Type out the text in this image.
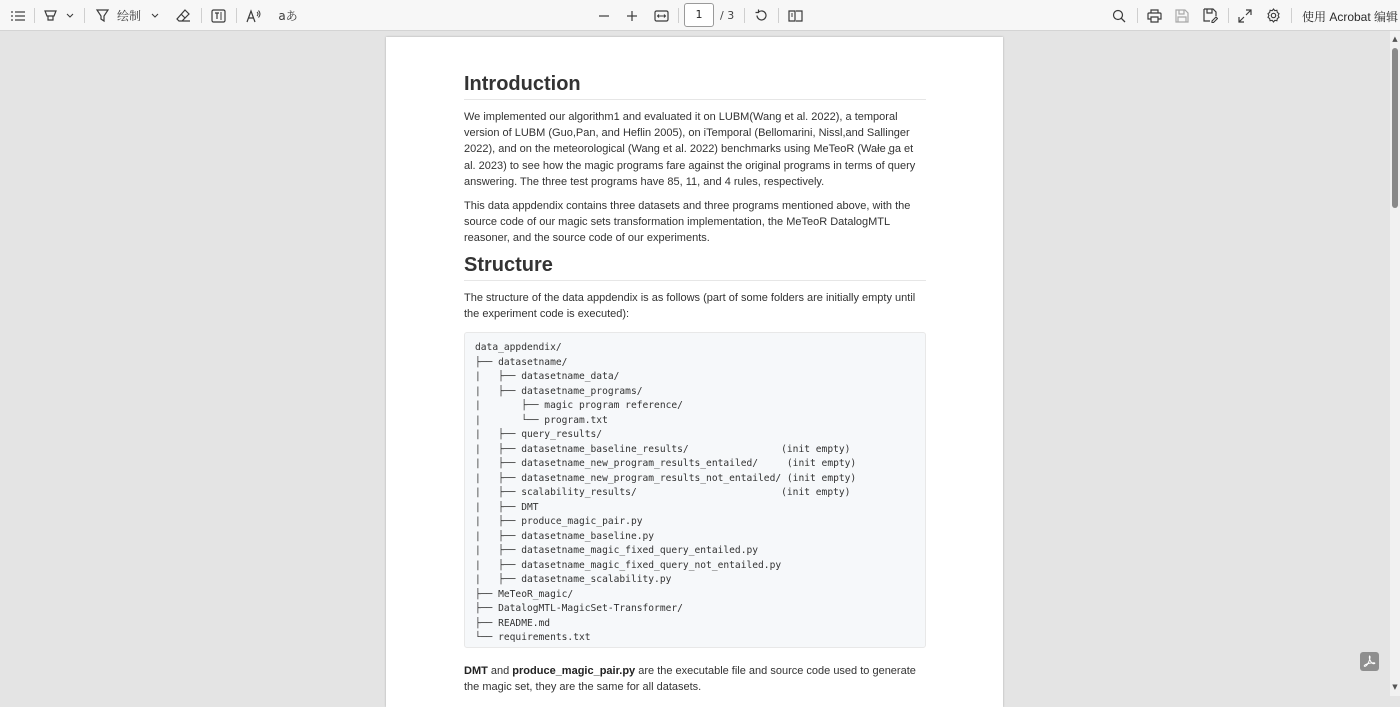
绘制	aあ	1	/ 3	使用 Acrobat 编辑
Introduction

We implemented our algorithm1 and evaluated it on LUBM(Wang et al. 2022), a temporal version of LUBM (Guo,Pan, and Heflin 2005), on iTemporal (Bellomarini, Nissl,and Sallinger 2022), and on the meteorological (Wang et al. 2022) benchmarks using MeTeoR (Wałe ̨ga et al. 2023) to see how the magic programs fare against the original programs in terms of query answering. The three test programs have 85, 11, and 4 rules, respectively.

This data appdendix contains three datasets and three programs mentioned above, with the source code of our magic sets transformation implementation, the MeTeoR DatalogMTL reasoner, and the source code of our experiments.

Structure

The structure of the data appdendix is as follows (part of some folders are initially empty until the experiment code is executed):

data_appdendix/
├── datasetname/
|   ├── datasetname_data/
|   ├── datasetname_programs/
|       ├── magic program reference/
|       └── program.txt
|   ├── query_results/
|   ├── datasetname_baseline_results/                (init empty)
|   ├── datasetname_new_program_results_entailed/     (init empty)
|   ├── datasetname_new_program_results_not_entailed/ (init empty)
|   ├── scalability_results/                         (init empty)
|   ├── DMT
|   ├── produce_magic_pair.py
|   ├── datasetname_baseline.py
|   ├── datasetname_magic_fixed_query_entailed.py
|   ├── datasetname_magic_fixed_query_not_entailed.py
|   ├── datasetname_scalability.py
├── MeTeoR_magic/
├── DatalogMTL-MagicSet-Transformer/
├── README.md
└── requirements.txt

DMT and produce_magic_pair.py are the executable file and source code used to generate the magic set, they are the same for all datasets.

▲
▼
